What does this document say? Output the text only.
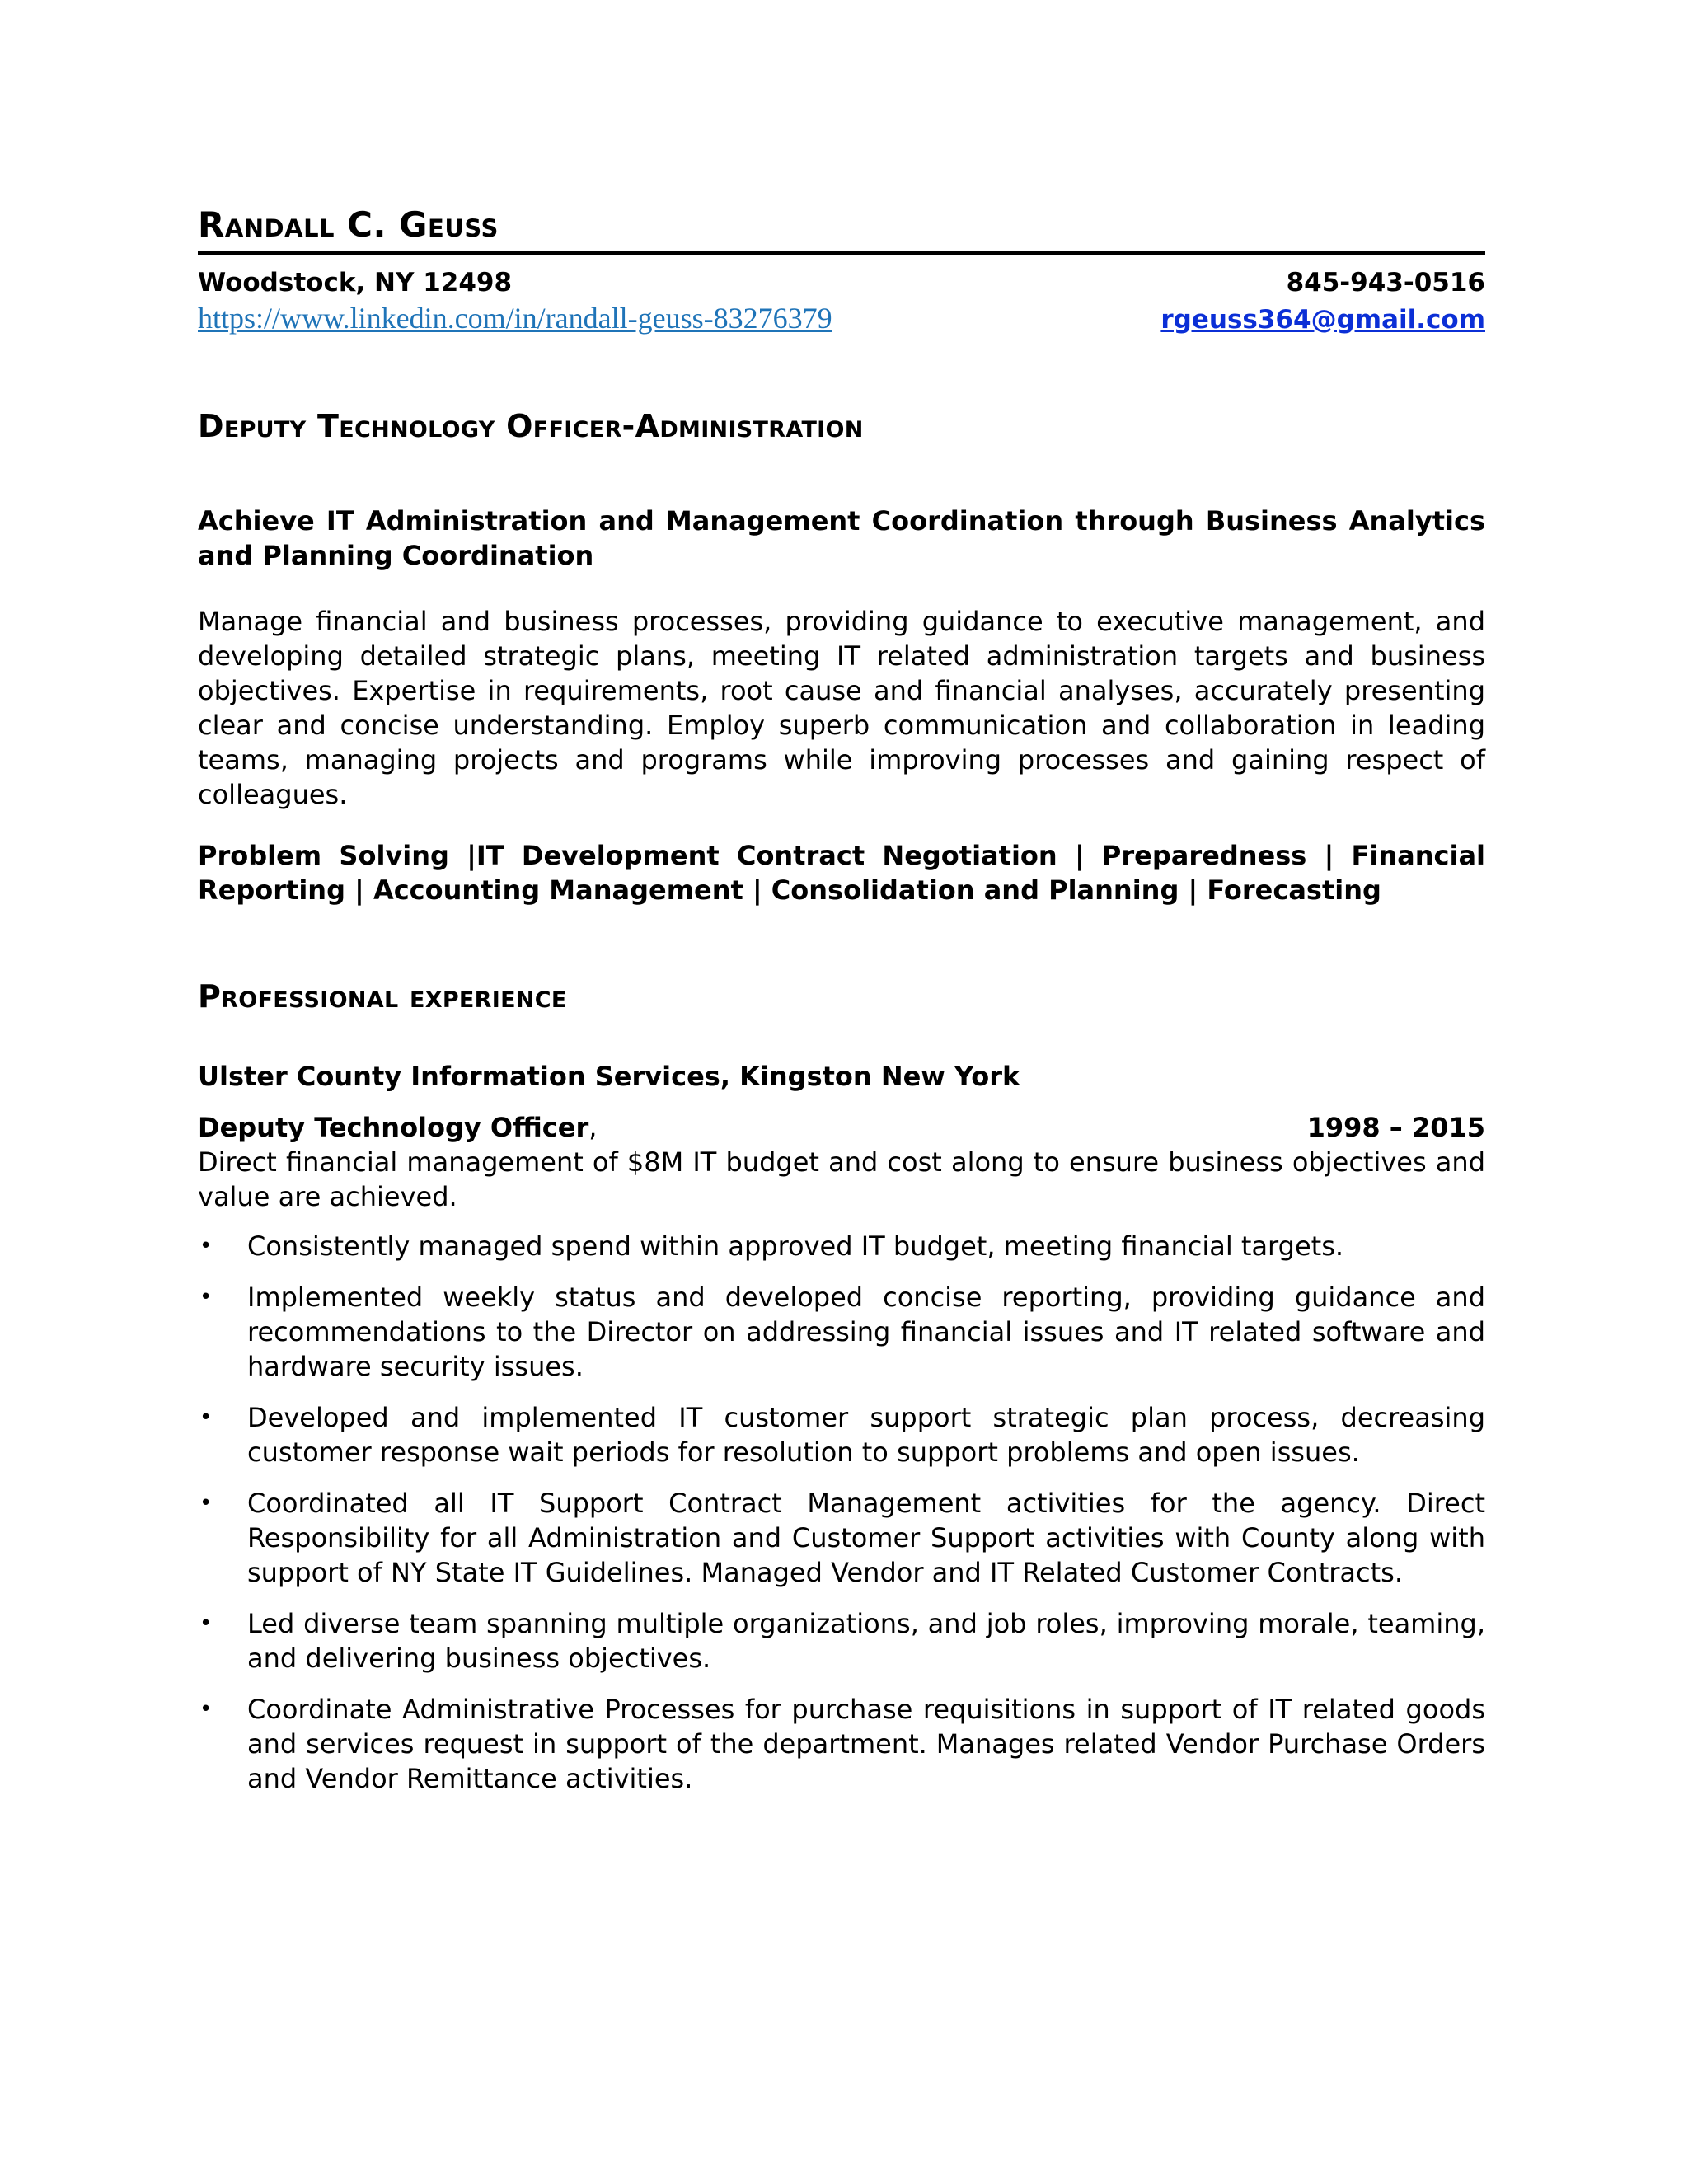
Randall C. Geuss
Woodstock, NY 12498	845-943-0516
https://www.linkedin.com/in/randall-geuss-83276379	rgeuss364@gmail.com
Deputy Technology Officer-Administration

Achieve IT Administration and Management Coordination through Business Analytics and Planning Coordination

Manage financial and business processes, providing guidance to executive management, and developing detailed strategic plans, meeting IT related administration targets and business objectives. Expertise in requirements, root cause and financial analyses, accurately presenting clear and concise understanding. Employ superb communication and collaboration in leading teams, managing projects and programs while improving processes and gaining respect of colleagues.

Problem Solving |IT Development Contract Negotiation | Preparedness | Financial Reporting | Accounting Management | Consolidation and Planning | Forecasting

Professional experience
Ulster County Information Services, Kingston New York
Deputy Technology Officer,	1998 – 2015
Direct financial management of $8M IT budget and cost along to ensure business objectives and value are achieved.
• Consistently managed spend within approved IT budget, meeting financial targets.
• Implemented weekly status and developed concise reporting, providing guidance and recommendations to the Director on addressing financial issues and IT related software and hardware security issues.
• Developed and implemented IT customer support strategic plan process, decreasing customer response wait periods for resolution to support problems and open issues.
• Coordinated all IT Support Contract Management activities for the agency. Direct Responsibility for all Administration and Customer Support activities with County along with support of NY State IT Guidelines. Managed Vendor and IT Related Customer Contracts.
• Led diverse team spanning multiple organizations, and job roles, improving morale, teaming, and delivering business objectives.
• Coordinate Administrative Processes for purchase requisitions in support of IT related goods and services request in support of the department. Manages related Vendor Purchase Orders and Vendor Remittance activities.
